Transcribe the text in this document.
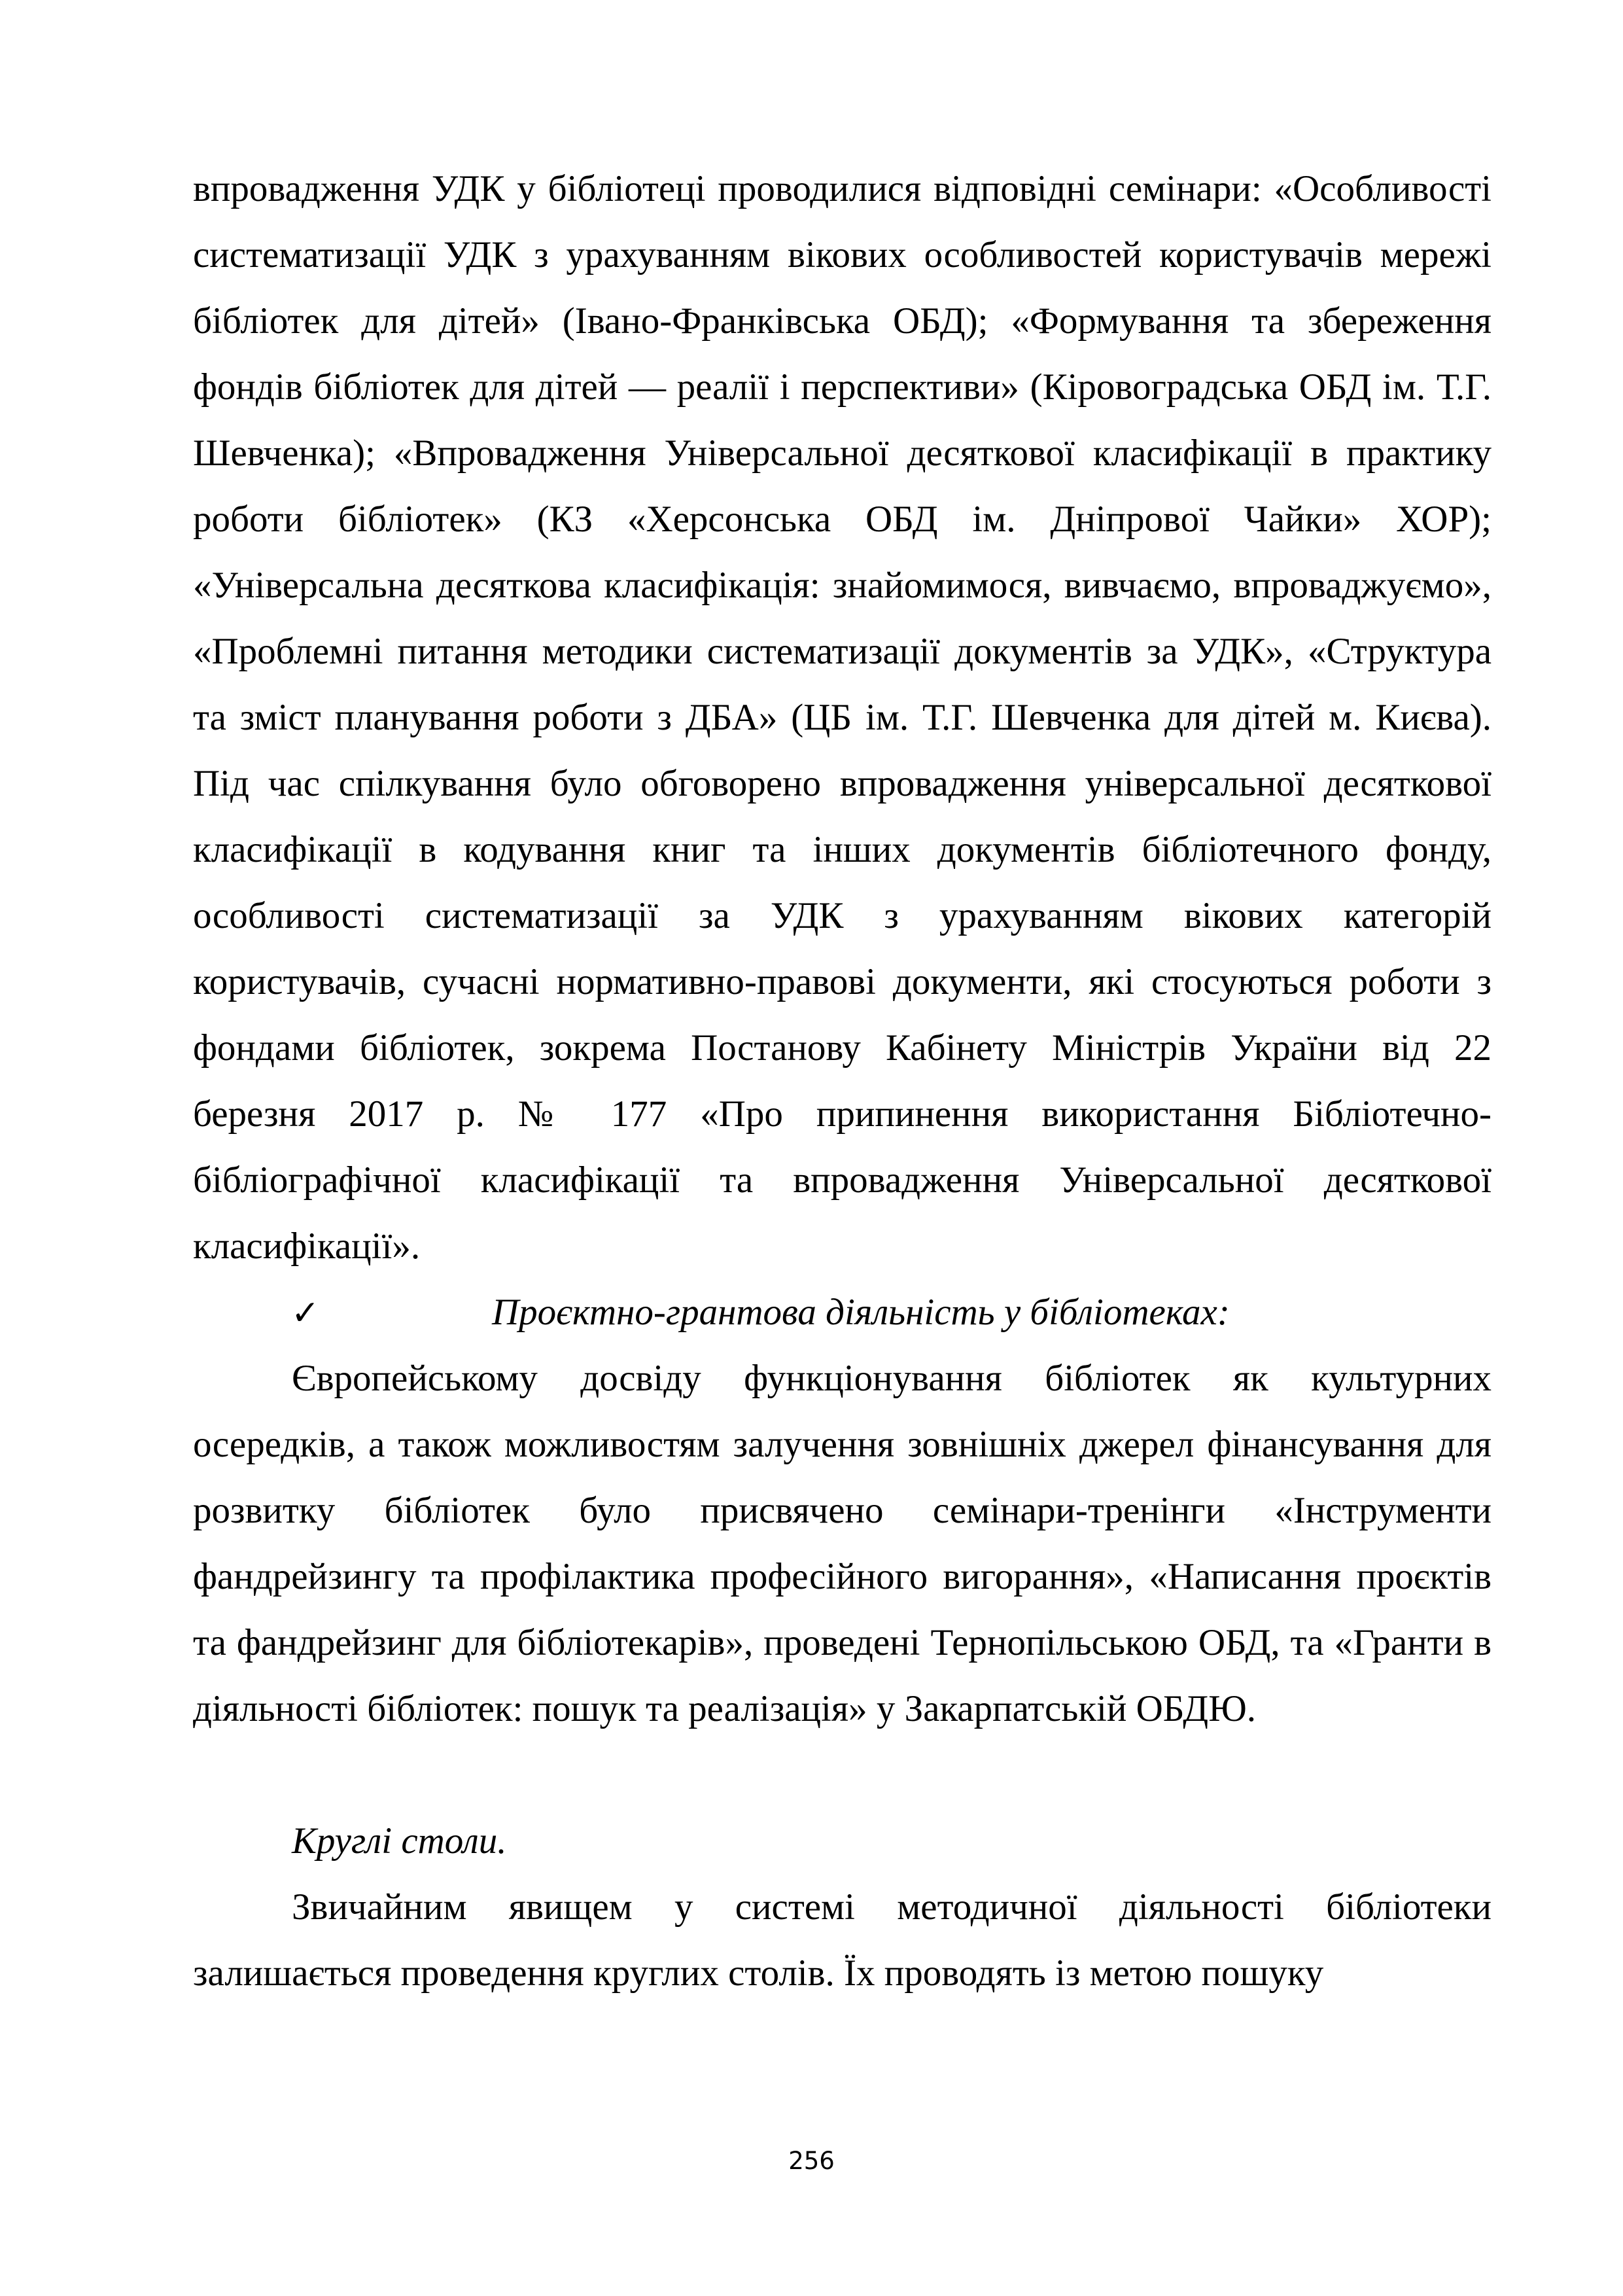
впровадження УДК у бібліотеці проводилися відповідні семінари: «Особливості систематизації УДК з урахуванням вікових особливостей користувачів мережі бібліотек для дітей» (Івано-Франківська ОБД); «Формування та збереження фондів бібліотек для дітей — реалії і перспективи» (Кіровоградська ОБД ім. Т.Г. Шевченка); «Впровадження Універсальної десяткової класифікації в практику роботи бібліотек» (КЗ «Херсонська ОБД ім. Дніпрової Чайки» ХОР); «Універсальна десяткова класифікація: знайомимося, вивчаємо, впроваджуємо», «Проблемні питання методики систематизації документів за УДК», «Структура та зміст планування роботи з ДБА» (ЦБ ім. Т.Г. Шевченка для дітей м. Києва). Під час спілкування було обговорено впровадження універсальної десяткової класифікації в кодування книг та інших документів бібліотечного фонду, особливості систематизації за УДК з урахуванням вікових категорій користувачів, сучасні нормативно-правові документи, які стосуються роботи з фондами бібліотек, зокрема Постанову Кабінету Міністрів України від 22 березня 2017 р. № 177 «Про припинення використання Бібліотечно-бібліографічної класифікації та впровадження Універсальної десяткової класифікації».

✓	Проєктно-грантова діяльність у бібліотеках:

Європейському досвіду функціонування бібліотек як культурних осередків, а також можливостям залучення зовнішніх джерел фінансування для розвитку бібліотек було присвячено семінари-тренінги «Інструменти фандрейзингу та профілактика професійного вигорання», «Написання проєктів та фандрейзинг для бібліотекарів», проведені Тернопільською ОБД, та «Гранти в діяльності бібліотек: пошук та реалізація» у Закарпатській ОБДЮ.

Круглі столи.

Звичайним явищем у системі методичної діяльності бібліотеки залишається проведення круглих столів. Їх проводять із метою пошуку

256
